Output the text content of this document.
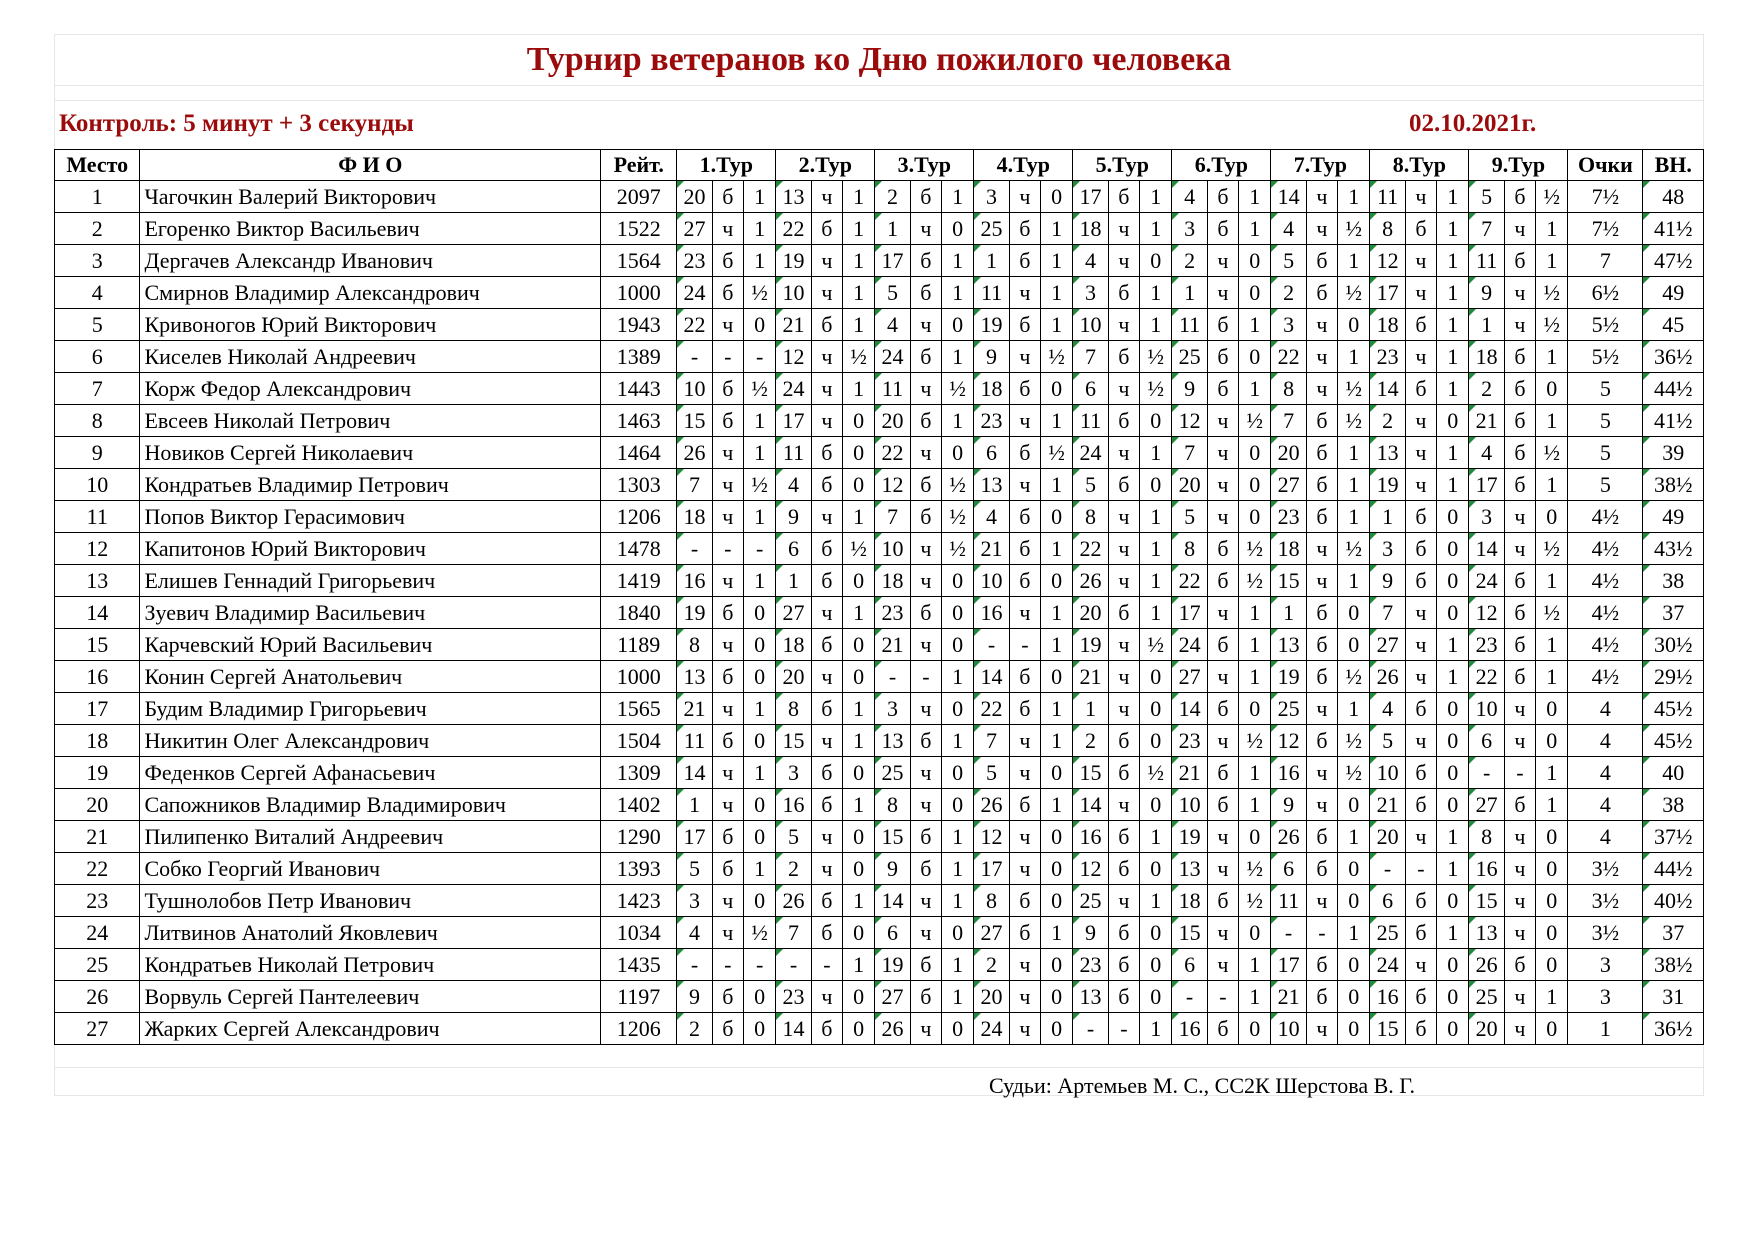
Турнир ветеранов ко Дню пожилого человека
Контроль: 5 минут + 3 секунды	02.10.2021г.
Место	Ф И О	Рейт.	1.Тур			2.Тур			3.Тур			4.Тур			5.Тур			6.Тур			7.Тур			8.Тур			9.Тур			Очки	ВН.
1	Чагочкин Валерий Викторович	2097	20	б	1	13	ч	1	2	б	1	3	ч	0	17	б	1	4	б	1	14	ч	1	11	ч	1	5	б	½	7½	48
2	Егоренко Виктор Васильевич	1522	27	ч	1	22	б	1	1	ч	0	25	б	1	18	ч	1	3	б	1	4	ч	½	8	б	1	7	ч	1	7½	41½
3	Дергачев Александр Иванович	1564	23	б	1	19	ч	1	17	б	1	1	б	1	4	ч	0	2	ч	0	5	б	1	12	ч	1	11	б	1	7	47½
4	Смирнов Владимир Александрович	1000	24	б	½	10	ч	1	5	б	1	11	ч	1	3	б	1	1	ч	0	2	б	½	17	ч	1	9	ч	½	6½	49
5	Кривоногов Юрий Викторович	1943	22	ч	0	21	б	1	4	ч	0	19	б	1	10	ч	1	11	б	1	3	ч	0	18	б	1	1	ч	½	5½	45
6	Киселев Николай Андреевич	1389	-	-	-	12	ч	½	24	б	1	9	ч	½	7	б	½	25	б	0	22	ч	1	23	ч	1	18	б	1	5½	36½
7	Корж Федор Александрович	1443	10	б	½	24	ч	1	11	ч	½	18	б	0	6	ч	½	9	б	1	8	ч	½	14	б	1	2	б	0	5	44½
8	Евсеев Николай Петрович	1463	15	б	1	17	ч	0	20	б	1	23	ч	1	11	б	0	12	ч	½	7	б	½	2	ч	0	21	б	1	5	41½
9	Новиков Сергей Николаевич	1464	26	ч	1	11	б	0	22	ч	0	6	б	½	24	ч	1	7	ч	0	20	б	1	13	ч	1	4	б	½	5	39
10	Кондратьев Владимир Петрович	1303	7	ч	½	4	б	0	12	б	½	13	ч	1	5	б	0	20	ч	0	27	б	1	19	ч	1	17	б	1	5	38½
11	Попов Виктор Герасимович	1206	18	ч	1	9	ч	1	7	б	½	4	б	0	8	ч	1	5	ч	0	23	б	1	1	б	0	3	ч	0	4½	49
12	Капитонов Юрий Викторович	1478	-	-	-	6	б	½	10	ч	½	21	б	1	22	ч	1	8	б	½	18	ч	½	3	б	0	14	ч	½	4½	43½
13	Елишев Геннадий Григорьевич	1419	16	ч	1	1	б	0	18	ч	0	10	б	0	26	ч	1	22	б	½	15	ч	1	9	б	0	24	б	1	4½	38
14	Зуевич Владимир Васильевич	1840	19	б	0	27	ч	1	23	б	0	16	ч	1	20	б	1	17	ч	1	1	б	0	7	ч	0	12	б	½	4½	37
15	Карчевский Юрий Васильевич	1189	8	ч	0	18	б	0	21	ч	0	-	-	1	19	ч	½	24	б	1	13	б	0	27	ч	1	23	б	1	4½	30½
16	Конин Сергей Анатольевич	1000	13	б	0	20	ч	0	-	-	1	14	б	0	21	ч	0	27	ч	1	19	б	½	26	ч	1	22	б	1	4½	29½
17	Будим Владимир Григорьевич	1565	21	ч	1	8	б	1	3	ч	0	22	б	1	1	ч	0	14	б	0	25	ч	1	4	б	0	10	ч	0	4	45½
18	Никитин Олег Александрович	1504	11	б	0	15	ч	1	13	б	1	7	ч	1	2	б	0	23	ч	½	12	б	½	5	ч	0	6	ч	0	4	45½
19	Феденков Сергей Афанасьевич	1309	14	ч	1	3	б	0	25	ч	0	5	ч	0	15	б	½	21	б	1	16	ч	½	10	б	0	-	-	1	4	40
20	Сапожников Владимир Владимирович	1402	1	ч	0	16	б	1	8	ч	0	26	б	1	14	ч	0	10	б	1	9	ч	0	21	б	0	27	б	1	4	38
21	Пилипенко Виталий Андреевич	1290	17	б	0	5	ч	0	15	б	1	12	ч	0	16	б	1	19	ч	0	26	б	1	20	ч	1	8	ч	0	4	37½
22	Собко Георгий Иванович	1393	5	б	1	2	ч	0	9	б	1	17	ч	0	12	б	0	13	ч	½	6	б	0	-	-	1	16	ч	0	3½	44½
23	Тушнолобов Петр Иванович	1423	3	ч	0	26	б	1	14	ч	1	8	б	0	25	ч	1	18	б	½	11	ч	0	6	б	0	15	ч	0	3½	40½
24	Литвинов Анатолий Яковлевич	1034	4	ч	½	7	б	0	6	ч	0	27	б	1	9	б	0	15	ч	0	-	-	1	25	б	1	13	ч	0	3½	37
25	Кондратьев Николай Петрович	1435	-	-	-	-	-	1	19	б	1	2	ч	0	23	б	0	6	ч	1	17	б	0	24	ч	0	26	б	0	3	38½
26	Ворвуль Сергей Пантелеевич	1197	9	б	0	23	ч	0	27	б	1	20	ч	0	13	б	0	-	-	1	21	б	0	16	б	0	25	ч	1	3	31
27	Жарких Сергей Александрович	1206	2	б	0	14	б	0	26	ч	0	24	ч	0	-	-	1	16	б	0	10	ч	0	15	б	0	20	ч	0	1	36½
Судьи: Артемьев М. С., СС2К Шерстова В. Г.
